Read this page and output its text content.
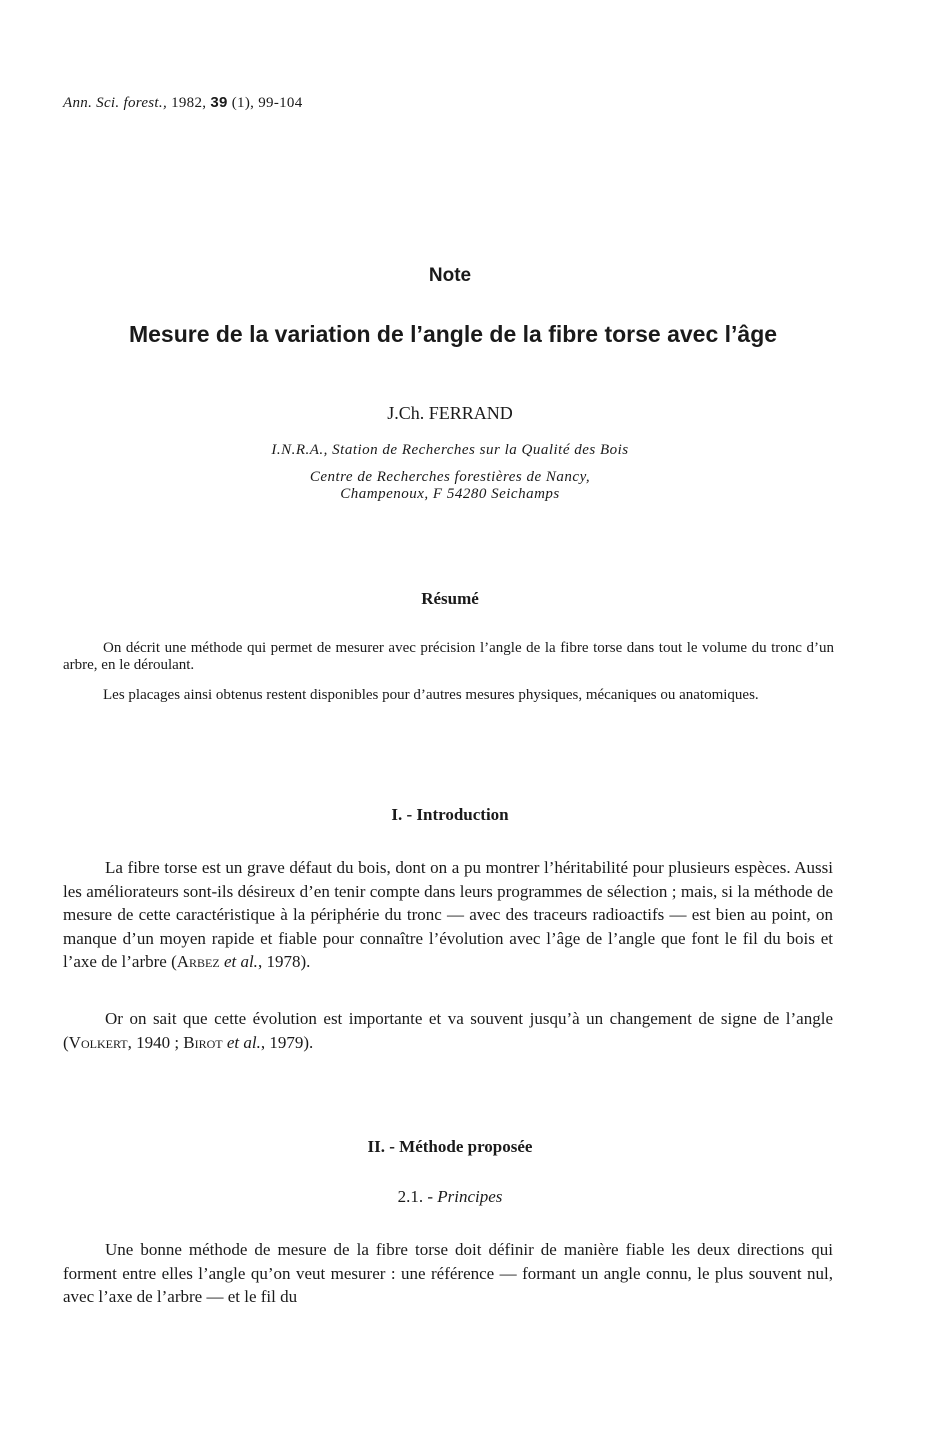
Ann. Sci. forest., 1982, 39 (1), 99-104
Note
Mesure de la variation de l’angle de la fibre torse avec l’âge
J.Ch. FERRAND
I.N.R.A., Station de Recherches sur la Qualité des Bois
Centre de Recherches forestières de Nancy,
Champenoux, F 54280 Seichamps
Résumé

On décrit une méthode qui permet de mesurer avec précision l’angle de la fibre torse dans tout le volume du tronc d’un arbre, en le déroulant.

Les placages ainsi obtenus restent disponibles pour d’autres mesures physiques, mécaniques ou anatomiques.

I. - Introduction

La fibre torse est un grave défaut du bois, dont on a pu montrer l’héritabilité pour plusieurs espèces. Aussi les améliorateurs sont-ils désireux d’en tenir compte dans leurs programmes de sélection ; mais, si la méthode de mesure de cette caractéristique à la périphérie du tronc — avec des traceurs radioactifs — est bien au point, on manque d’un moyen rapide et fiable pour connaître l’évolution avec l’âge de l’angle que font le fil du bois et l’axe de l’arbre (Arbez et al., 1978).

Or on sait que cette évolution est importante et va souvent jusqu’à un changement de signe de l’angle (Volkert, 1940 ; Birot et al., 1979).

II. - Méthode proposée
2.1. - Principes

Une bonne méthode de mesure de la fibre torse doit définir de manière fiable les deux directions qui forment entre elles l’angle qu’on veut mesurer : une référence — formant un angle connu, le plus souvent nul, avec l’axe de l’arbre — et le fil du
